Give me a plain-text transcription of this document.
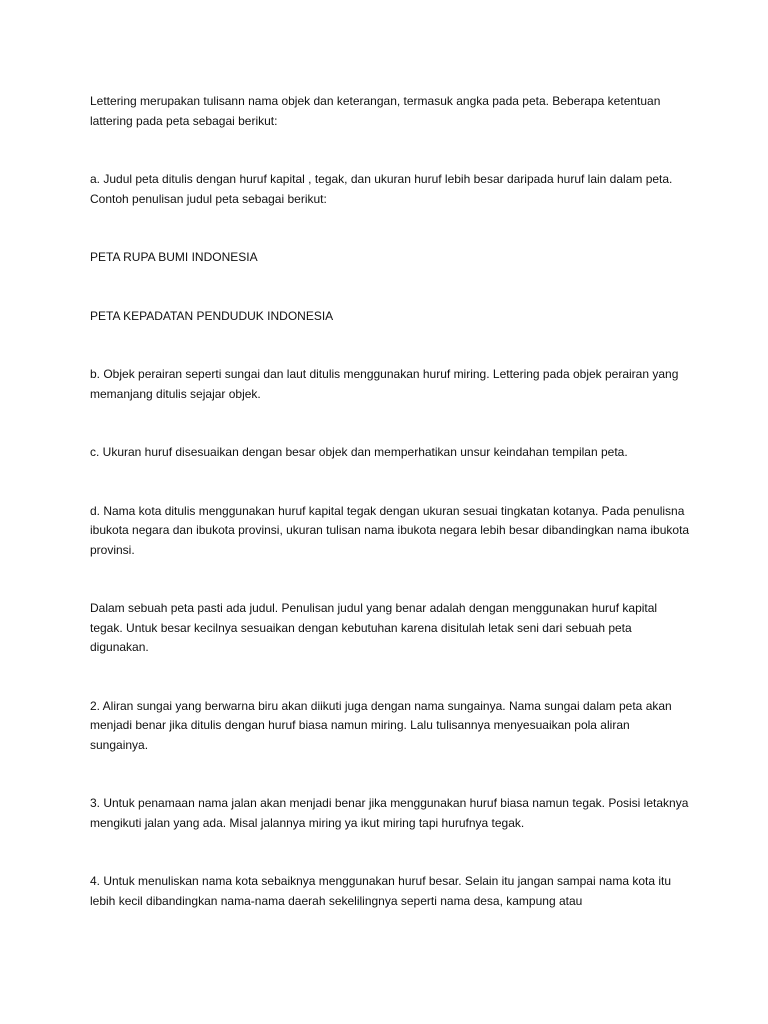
Lettering merupakan tulisann nama objek dan keterangan, termasuk angka pada peta. Beberapa ketentuan lattering pada peta sebagai berikut:

a. Judul peta ditulis dengan huruf kapital , tegak, dan ukuran huruf lebih besar daripada huruf lain dalam peta. Contoh penulisan judul peta sebagai berikut:

PETA RUPA BUMI INDONESIA

PETA KEPADATAN PENDUDUK INDONESIA

b. Objek perairan seperti sungai dan laut ditulis menggunakan huruf miring. Lettering pada objek perairan yang memanjang ditulis sejajar objek.

c. Ukuran huruf disesuaikan dengan besar objek dan memperhatikan unsur keindahan tempilan peta.

d. Nama kota ditulis menggunakan huruf kapital tegak dengan ukuran sesuai tingkatan kotanya. Pada penulisna ibukota negara dan ibukota provinsi, ukuran tulisan nama ibukota negara lebih besar dibandingkan nama ibukota provinsi.

Dalam sebuah peta pasti ada judul. Penulisan judul yang benar adalah dengan menggunakan huruf kapital tegak. Untuk besar kecilnya sesuaikan dengan kebutuhan karena disitulah letak seni dari sebuah peta digunakan.

2. Aliran sungai yang berwarna biru akan diikuti juga dengan nama sungainya. Nama sungai dalam peta akan menjadi benar jika ditulis dengan huruf biasa namun miring. Lalu tulisannya menyesuaikan pola aliran sungainya.

3. Untuk penamaan nama jalan akan menjadi benar jika menggunakan huruf biasa namun tegak. Posisi letaknya mengikuti jalan yang ada. Misal jalannya miring ya ikut miring tapi hurufnya tegak.

4. Untuk menuliskan nama kota sebaiknya menggunakan huruf besar. Selain itu jangan sampai nama kota itu lebih kecil dibandingkan nama-nama daerah sekelilingnya seperti nama desa, kampung atau
